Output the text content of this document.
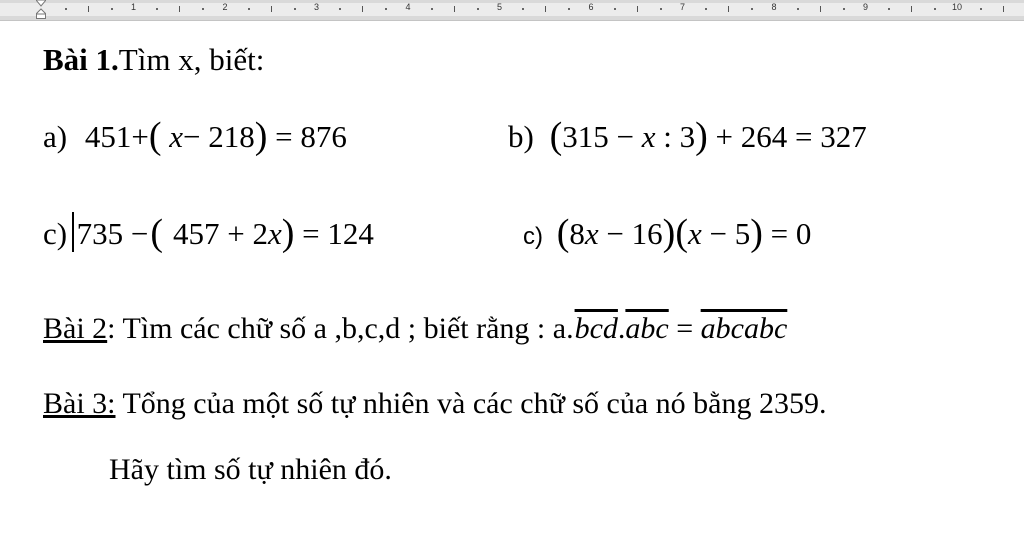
1	2	3	4	5	6	7	8	9	10
Bài 1.Tìm x, biết:
a) 451+( x− 218) = 876	b) (315 − x : 3) + 264 = 327
c) 735 −( 457 + 2x) = 124	c) (8x − 16)(x − 5) = 0
Bài 2: Tìm các chữ số a ,b,c,d ; biết rằng : $a.\overline{bcd}.\overline{abc}$ = abcabc
Bài 3: Tổng của một số tự nhiên và các chữ số của nó bằng 2359.
Hãy tìm số tự nhiên đó.
